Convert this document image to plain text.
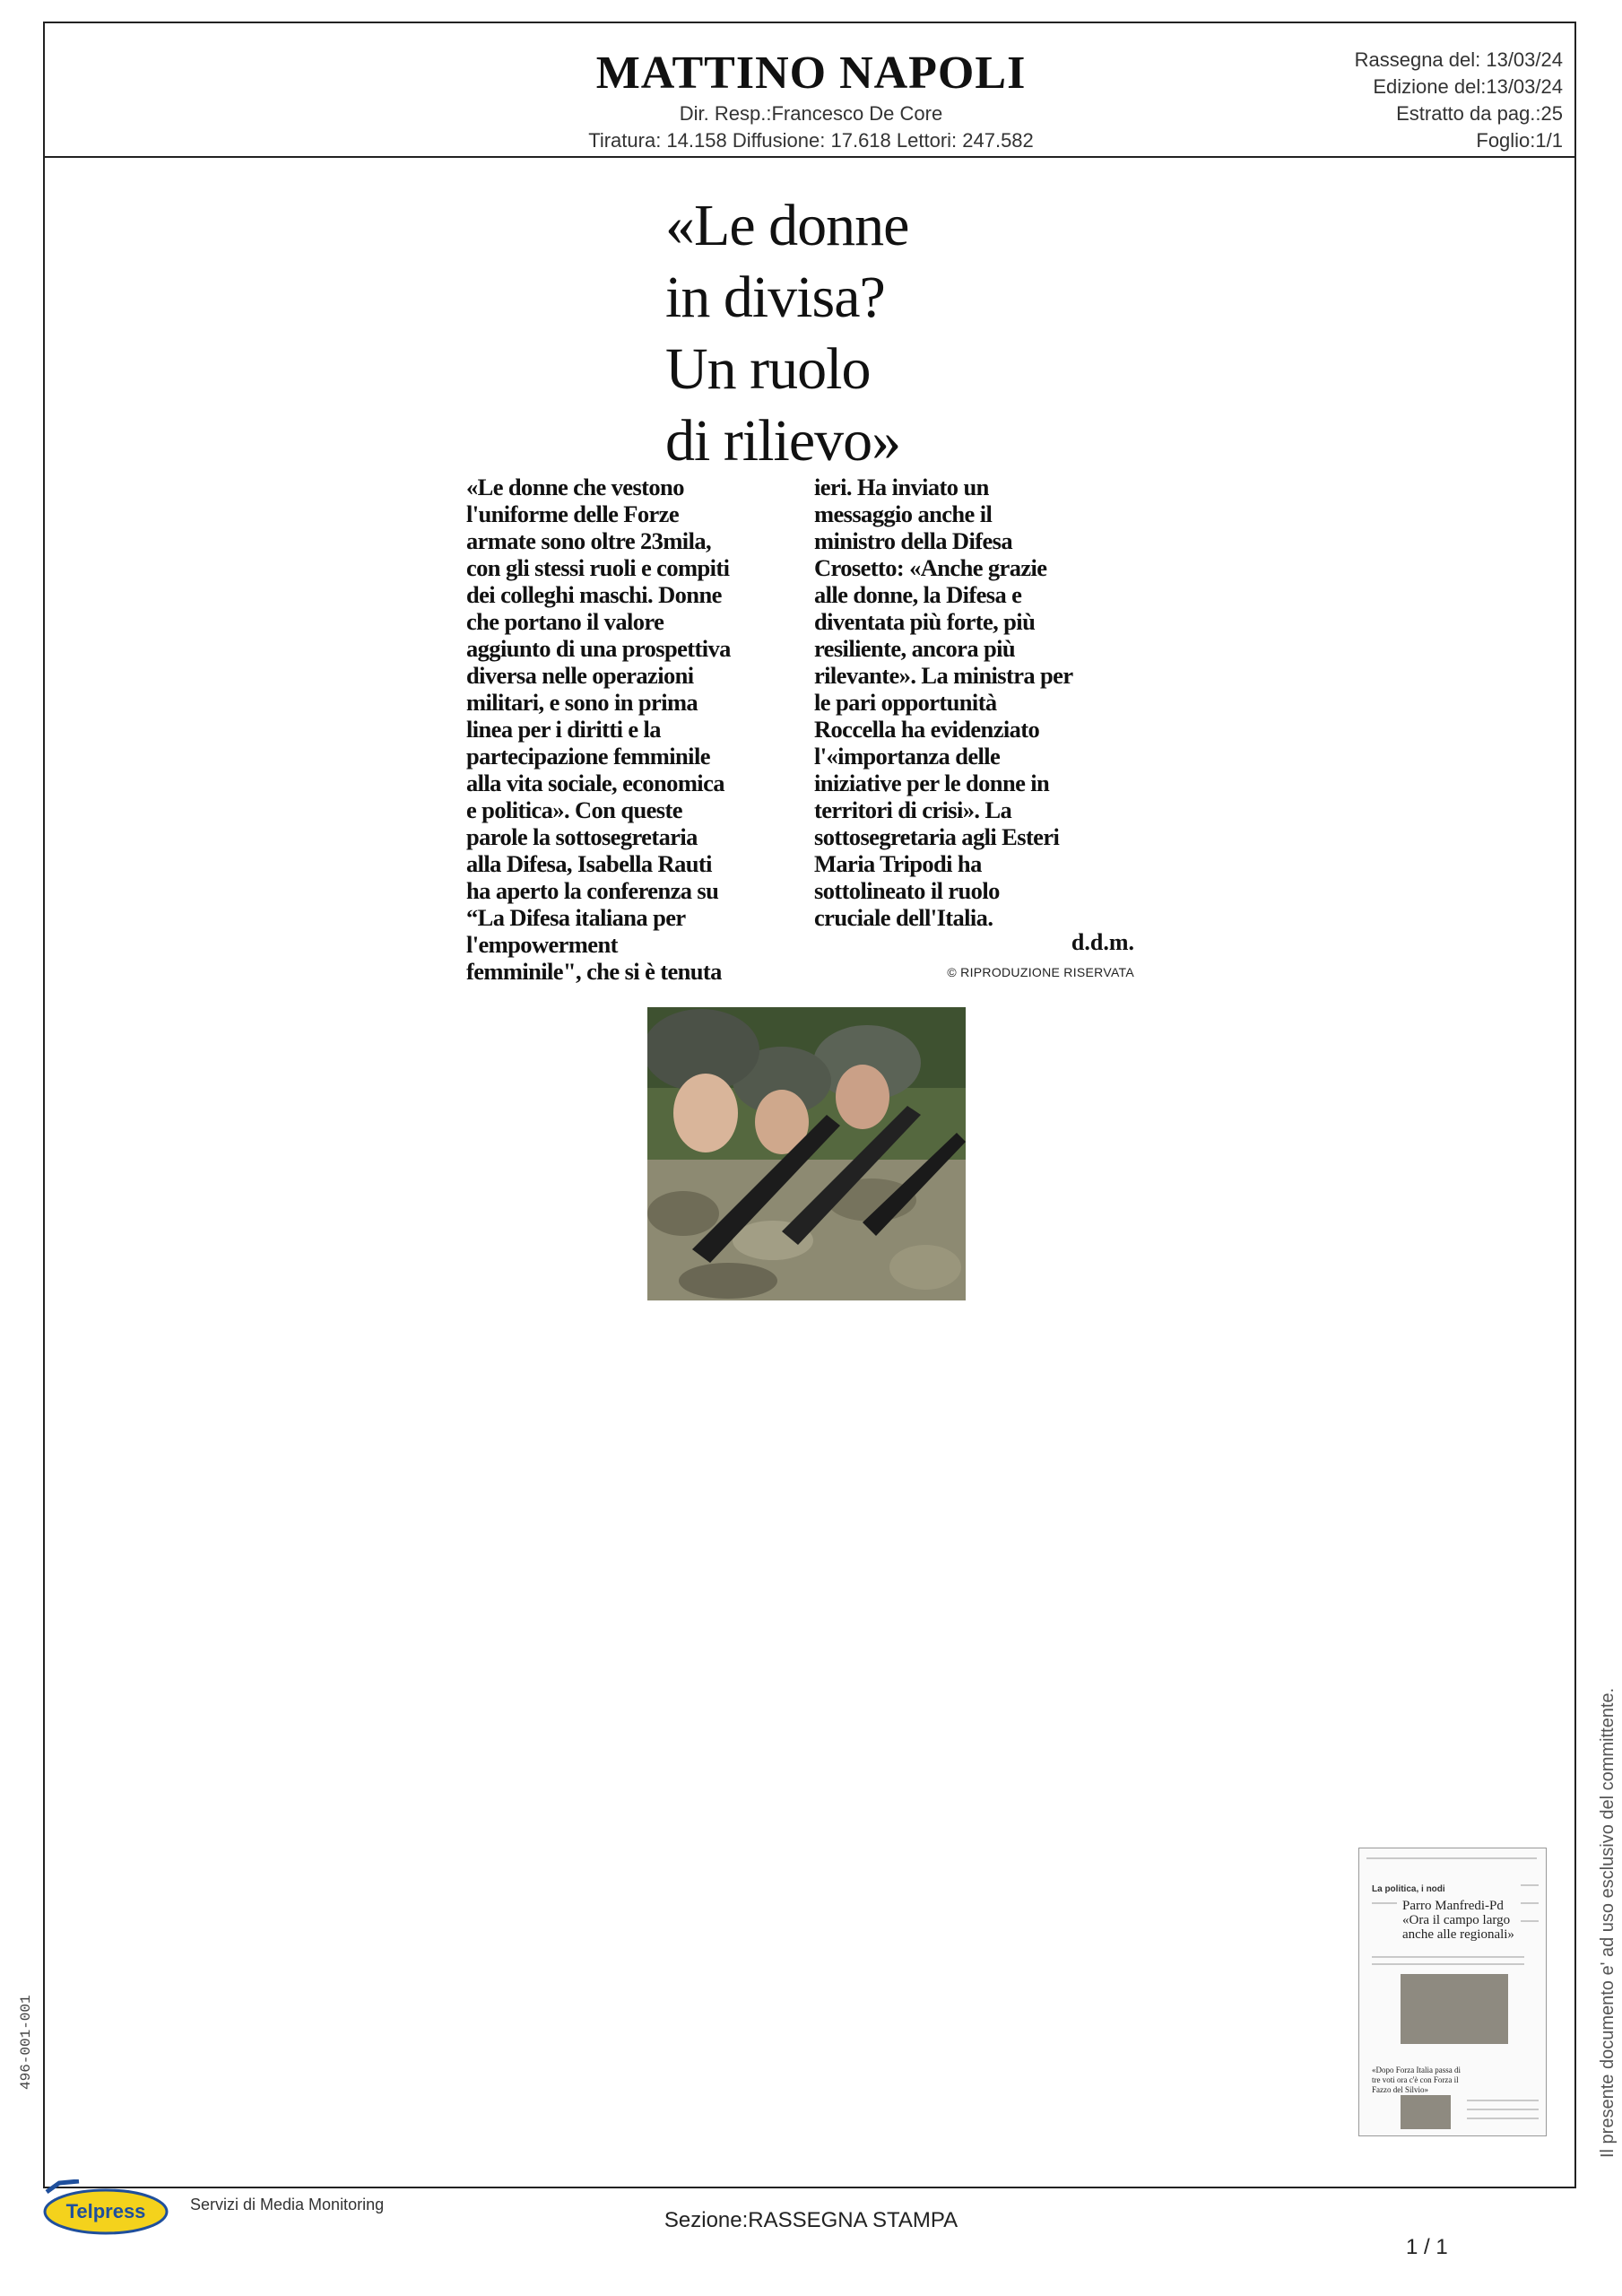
MATTINO NAPOLI
Dir. Resp.:Francesco De Core
Tiratura: 14.158 Diffusione: 17.618 Lettori: 247.582
Rassegna del: 13/03/24
Edizione del:13/03/24
Estratto da pag.:25
Foglio:1/1
«Le donne
in divisa?
Un ruolo
di rilievo»

«Le donne che vestono

l'uniforme delle Forze

armate sono oltre 23mila,

con gli stessi ruoli e compiti

dei colleghi maschi. Donne

che portano il valore

aggiunto di una prospettiva

diversa nelle operazioni

militari, e sono in prima

linea per i diritti e la

partecipazione femminile

alla vita sociale, economica

e politica». Con queste

parole la sottosegretaria

alla Difesa, Isabella Rauti

ha aperto la conferenza su

“La Difesa italiana per

l'empowerment

femminile", che si è tenuta

ieri. Ha inviato un

messaggio anche il

ministro della Difesa

Crosetto: «Anche grazie

alle donne, la Difesa e

diventata più forte, più

resiliente, ancora più

rilevante». La ministra per

le pari opportunità

Roccella ha evidenziato

l'«importanza delle

iniziative per le donne in

territori di crisi». La

sottosegretaria agli Esteri

Maria Tripodi ha

sottolineato il ruolo

cruciale dell'Italia.

d.d.m.
© RIPRODUZIONE RISERVATA
La politica, i nodi
Parro Manfredi-Pd «Ora il campo largo anche alle regionali»
«Dopo Forza Italia passa di tre voti ora c'è con Forza il Fazzo del Silvio»
496-001-001	Il presente documento e' ad uso esclusivo del committente.
Telpress	Servizi di Media Monitoring
Sezione:RASSEGNA STAMPA
1 / 1
